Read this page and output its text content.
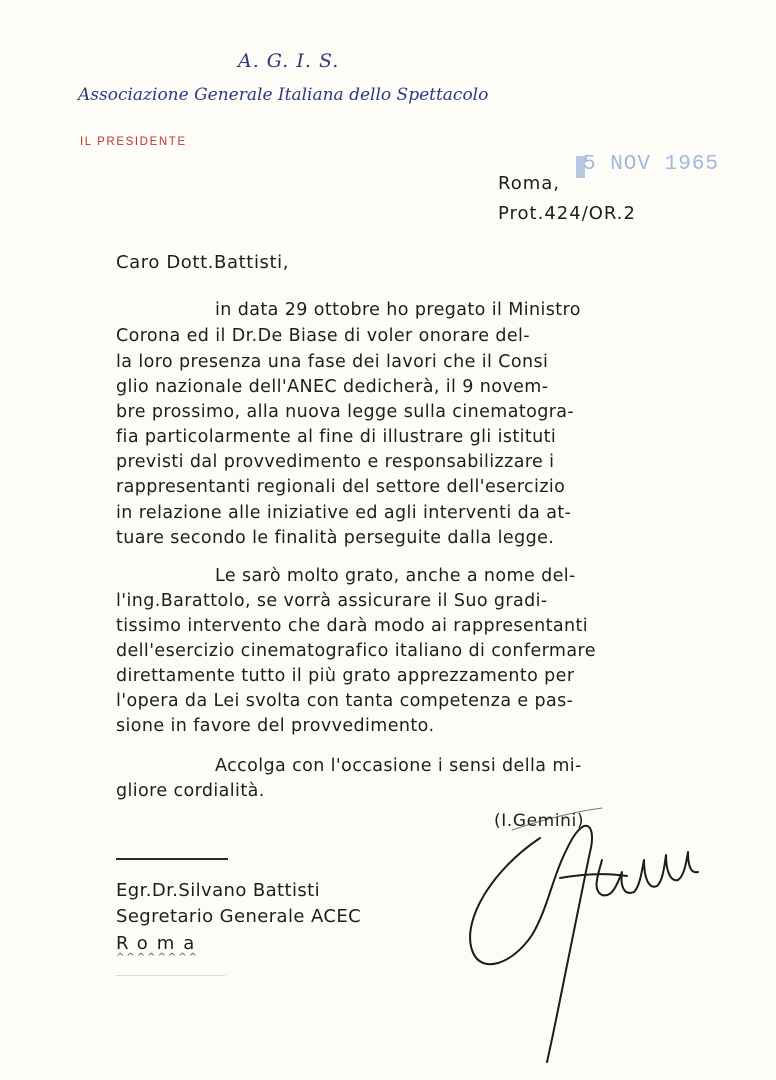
A. G. I. S.
Associazione Generale Italiana dello Spettacolo
IL PRESIDENTE
5 NOV 1965
Roma,
Prot.424/OR.2
Caro Dott.Battisti,
in data 29 ottobre ho pregato il Ministro
Corona ed il Dr.De Biase di voler onorare del-
la loro presenza una fase dei lavori che il Consi
glio nazionale dell'ANEC dedicherà, il 9 novem-
bre prossimo, alla nuova legge sulla cinematogra-
fia particolarmente al fine di illustrare gli istituti
previsti dal provvedimento e responsabilizzare i
rappresentanti regionali del settore dell'esercizio
in relazione alle iniziative ed agli interventi da at-
tuare secondo le finalità perseguite dalla legge.
Le sarò molto grato, anche a nome del-
l'ing.Barattolo, se vorrà assicurare il Suo gradi-
tissimo intervento che darà modo ai rappresentanti
dell'esercizio cinematografico italiano di confermare
direttamente tutto il più grato apprezzamento per
l'opera da Lei svolta con tanta competenza e pas-
sione in favore del provvedimento.
Accolga con l'occasione i sensi della mi-
gliore cordialità.
(I.Gemini)
Egr.Dr.Silvano Battisti
Segretario Generale ACEC
Roma
^^^^^^^^
